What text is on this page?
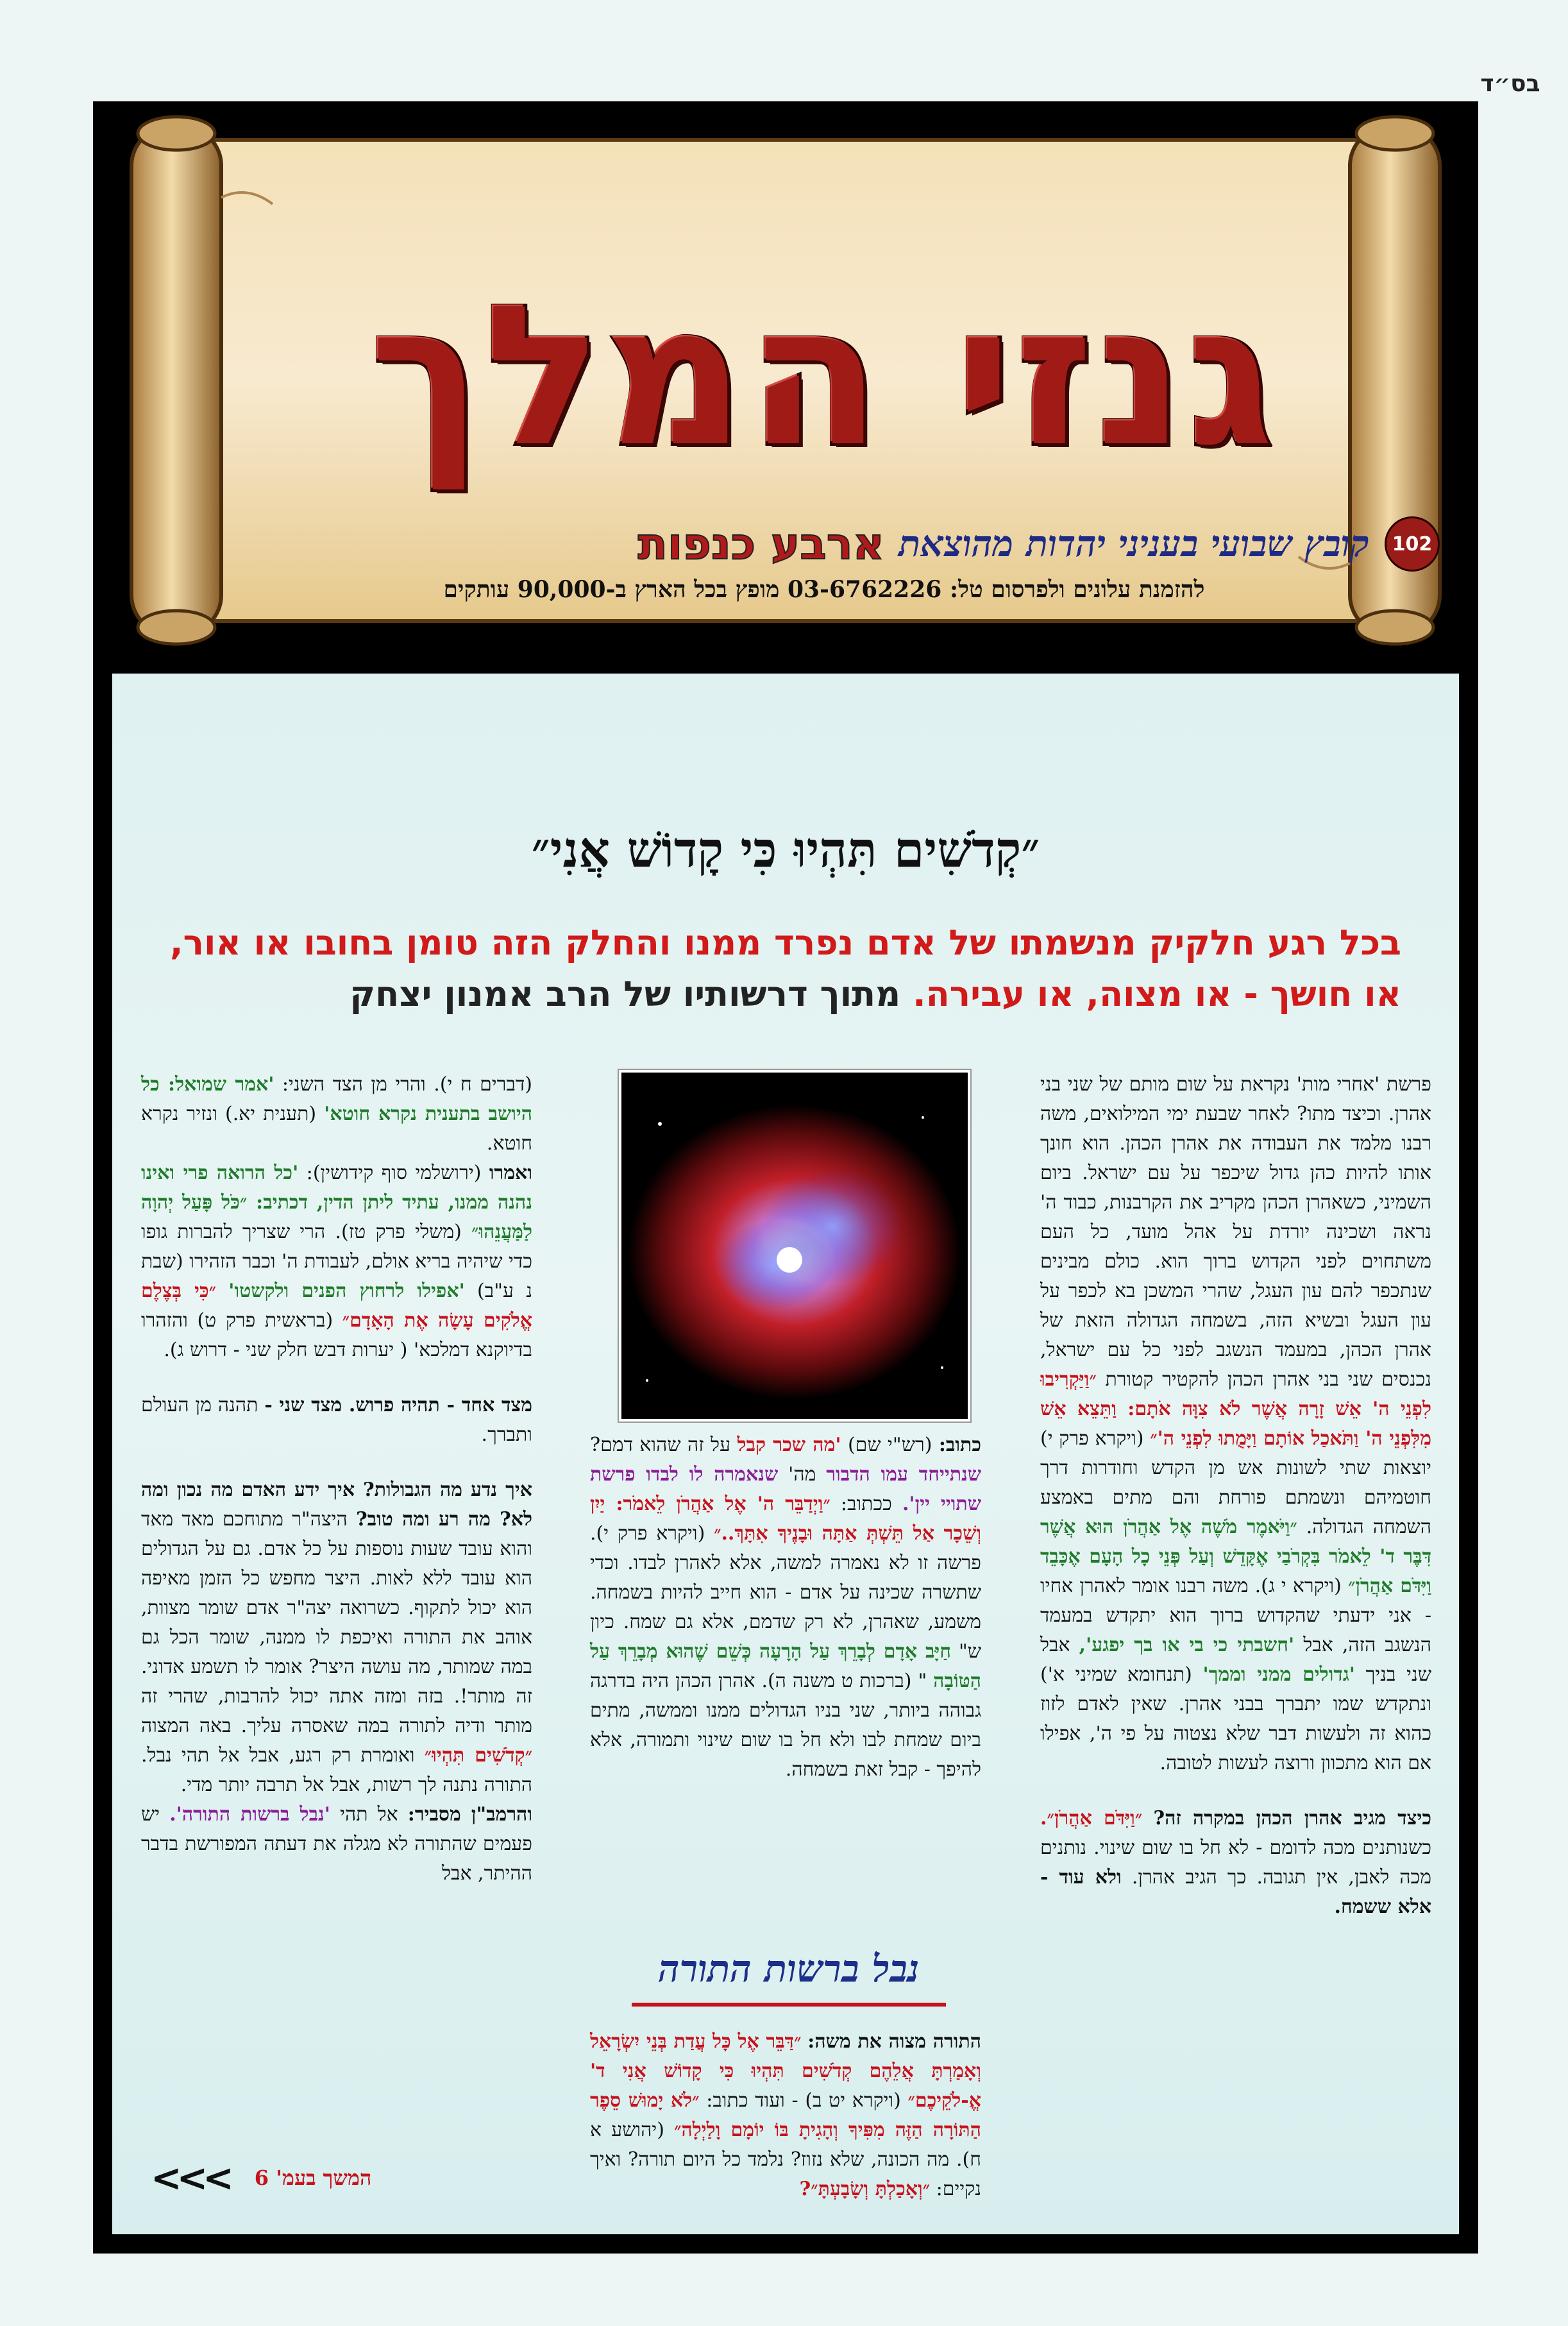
בס״ד
גנזי המלך
102
קובץ שבועי בעניני יהדות מהוצאת
ארבע כנפות
להזמנת עלונים ולפרסום טל: 03-6762226 מופץ בכל הארץ ב-90,000 עותקים
״קְדֹשִׁים תִּהְיוּ כִּי קָדוֹשׁ אֲנִי״
בכל רגע חלקיק מנשמתו של אדם נפרד ממנו והחלק הזה טומן בחובו או אור, או חושך - או מצוה, או עבירה. מתוך דרשותיו של הרב אמנון יצחק

פרשת 'אחרי מות' נקראת על שום מותם של שני בני אהרן. וכיצד מתו? לאחר שבעת ימי המילואים, משה רבנו מלמד את העבודה את אהרן הכהן. הוא חונך אותו להיות כהן גדול שיכפר על עם ישראל. ביום השמיני, כשאהרן הכהן מקריב את הקרבנות, כבוד ה' נראה ושכינה יורדת על אהל מועד, כל העם משתחוים לפני הקדוש ברוך הוא. כולם מבינים שנתכפר להם עון העגל, שהרי המשכן בא לכפר על עון העגל ובשיא הזה, בשמחה הגדולה הזאת של אהרן הכהן, במעמד הנשגב לפני כל עם ישראל, נכנסים שני בני אהרן הכהן להקטיר קטורת ״וַיַּקְרִיבוּ לִפְנֵי ה' אֵשׁ זָרָה אֲשֶׁר לֹא צִוָּה אֹתָם: וַתֵּצֵא אֵשׁ מִלִּפְנֵי ה' וַתֹּאכַל אוֹתָם וַיָּמֻתוּ לִפְנֵי ה'״ (ויקרא פרק י) יוצאות שתי לשונות אש מן הקדש וחודרות דרך חוטמיהם ונשמתם פורחת והם מתים באמצע השמחה הגדולה. ״וַיֹּאמֶר מֹשֶׁה אֶל אַהֲרֹן הוּא אֲשֶׁר דִּבֶּר ד' לֵאמֹר בִּקְרֹבַי אֶקָּדֵשׁ וְעַל פְּנֵי כָל הָעָם אֶכָּבֵד וַיִּדֹּם אַהֲרֹן״ (ויקרא י ג). משה רבנו אומר לאהרן אחיו - אני ידעתי שהקדוש ברוך הוא יתקדש במעמד הנשגב הזה, אבל 'חשבתי כי בי או בך יפגע', אבל שני בניך 'גדולים ממני וממך' (תנחומא שמיני א') ונתקדש שמו יתברך בבני אהרן. שאין לאדם לזוז כהוא זה ולעשות דבר שלא נצטוה על פי ה', אפילו אם הוא מתכוון ורוצה לעשות לטובה.

כיצד מגיב אהרן הכהן במקרה זה? ״וַיִּדֹּם אַהֲרֹן״. כשנותנים מכה לדומם - לא חל בו שום שינוי. נותנים מכה לאבן, אין תגובה. כך הגיב אהרן. ולא עוד - אלא ששמח.

כתוב: (רש"י שם) 'מה שכר קבל על זה שהוא דמם? שנתייחד עמו הדבור מה' שנאמרה לו לבדו פרשת שתויי יין'. ככתוב: ״וַיְדַבֵּר ה' אֶל אַהֲרֹן לֵאמֹר: יַיִן וְשֵׁכָר אַל תֵּשְׁתְּ אַתָּה וּבָנֶיךָ אִתָּךְ..״ (ויקרא פרק י). פרשה זו לא נאמרה למשה, אלא לאהרן לבדו. וכדי שתשרה שכינה על אדם - הוא חייב להיות בשמחה. משמע, שאהרן, לא רק שדמם, אלא גם שמח. כיון ש" חַיָּב אָדָם לְבָרֵךְ עַל הָרָעָה כְּשֵׁם שֶׁהוּא מְבָרֵךְ עַל הַטּוֹבָה " (ברכות ט משנה ה). אהרן הכהן היה בדרגה גבוהה ביותר, שני בניו הגדולים ממנו וממשה, מתים ביום שמחת לבו ולא חל בו שום שינוי ותמורה, אלא להיפך - קבל זאת בשמחה.

נבל ברשות התורה

התורה מצוה את משה: ״דַּבֵּר אֶל כָּל עֲדַת בְּנֵי יִשְׂרָאֵל וְאָמַרְתָּ אֲלֵהֶם קְדֹשִׁים תִּהְיוּ כִּי קָדוֹשׁ אֲנִי ד' אֱ-לֹקֵיכֶם״ (ויקרא יט ב) - ועוד כתוב: ״לֹא יָמוּשׁ סֵפֶר הַתּוֹרָה הַזֶּה מִפִּיךָ וְהָגִיתָ בּוֹ יוֹמָם וָלַיְלָה״ (יהושע א ח). מה הכונה, שלא נזוז? נלמד כל היום תורה? ואיך נקיים: ״וְאָכַלְתָּ וְשָׂבָעְתָּ״?

(דברים ח י). והרי מן הצד השני: 'אמר שמואל: כל היושב בתענית נקרא חוטא' (תענית יא.) ונזיר נקרא חוטא.
ואמרו (ירושלמי סוף קידושין): 'כל הרואה פרי ואינו נהנה ממנו, עתיד ליתן הדין, דכתיב: ״כֹּל פָּעַל יְהוָה לַמַּעֲנֵהוּ״ (משלי פרק טז). הרי שצריך להברות גופו כדי שיהיה בריא אולם, לעבודת ה' וכבר הזהירו (שבת נ ע"ב) 'אפילו לרחוץ הפנים ולקשטו' ״כִּי בְּצֶלֶם אֱלֹקִים עָשָׂה אֶת הָאָדָם״ (בראשית פרק ט) והזהרו בדיוקנא דמלכא' ( יערות דבש חלק שני - דרוש ג).

מצד אחד - תהיה פרוש. מצד שני - תהנה מן העולם ותברך.

איך נדע מה הגבולות? איך ידע האדם מה נכון ומה לא? מה רע ומה טוב? היצה"ר מתוחכם מאד מאד והוא עובד שעות נוספות על כל אדם. גם על הגדולים הוא עובד ללא לאות. היצר מחפש כל הזמן מאיפה הוא יכול לתקוף. כשרואה יצה"ר אדם שומר מצוות, אוהב את התורה ואיכפת לו ממנה, שומר הכל גם במה שמותר, מה עושה היצר? אומר לו תשמע אדוני. זה מותר!. בזה ומזה אתה יכול להרבות, שהרי זה מותר ודיה לתורה במה שאסרה עליך. באה המצוה ״קְדֹשִׁים תִּהְיוּ״ ואומרת רק רגע, אבל אל תהי נבל. התורה נתנה לך רשות, אבל אל תרבה יותר מדי.
והרמב"ן מסביר: אל תהי 'נבל ברשות התורה'. יש פעמים שהתורה לא מגלה את דעתה המפורשת בדבר ההיתר, אבל

<<< המשך בעמ' 6
